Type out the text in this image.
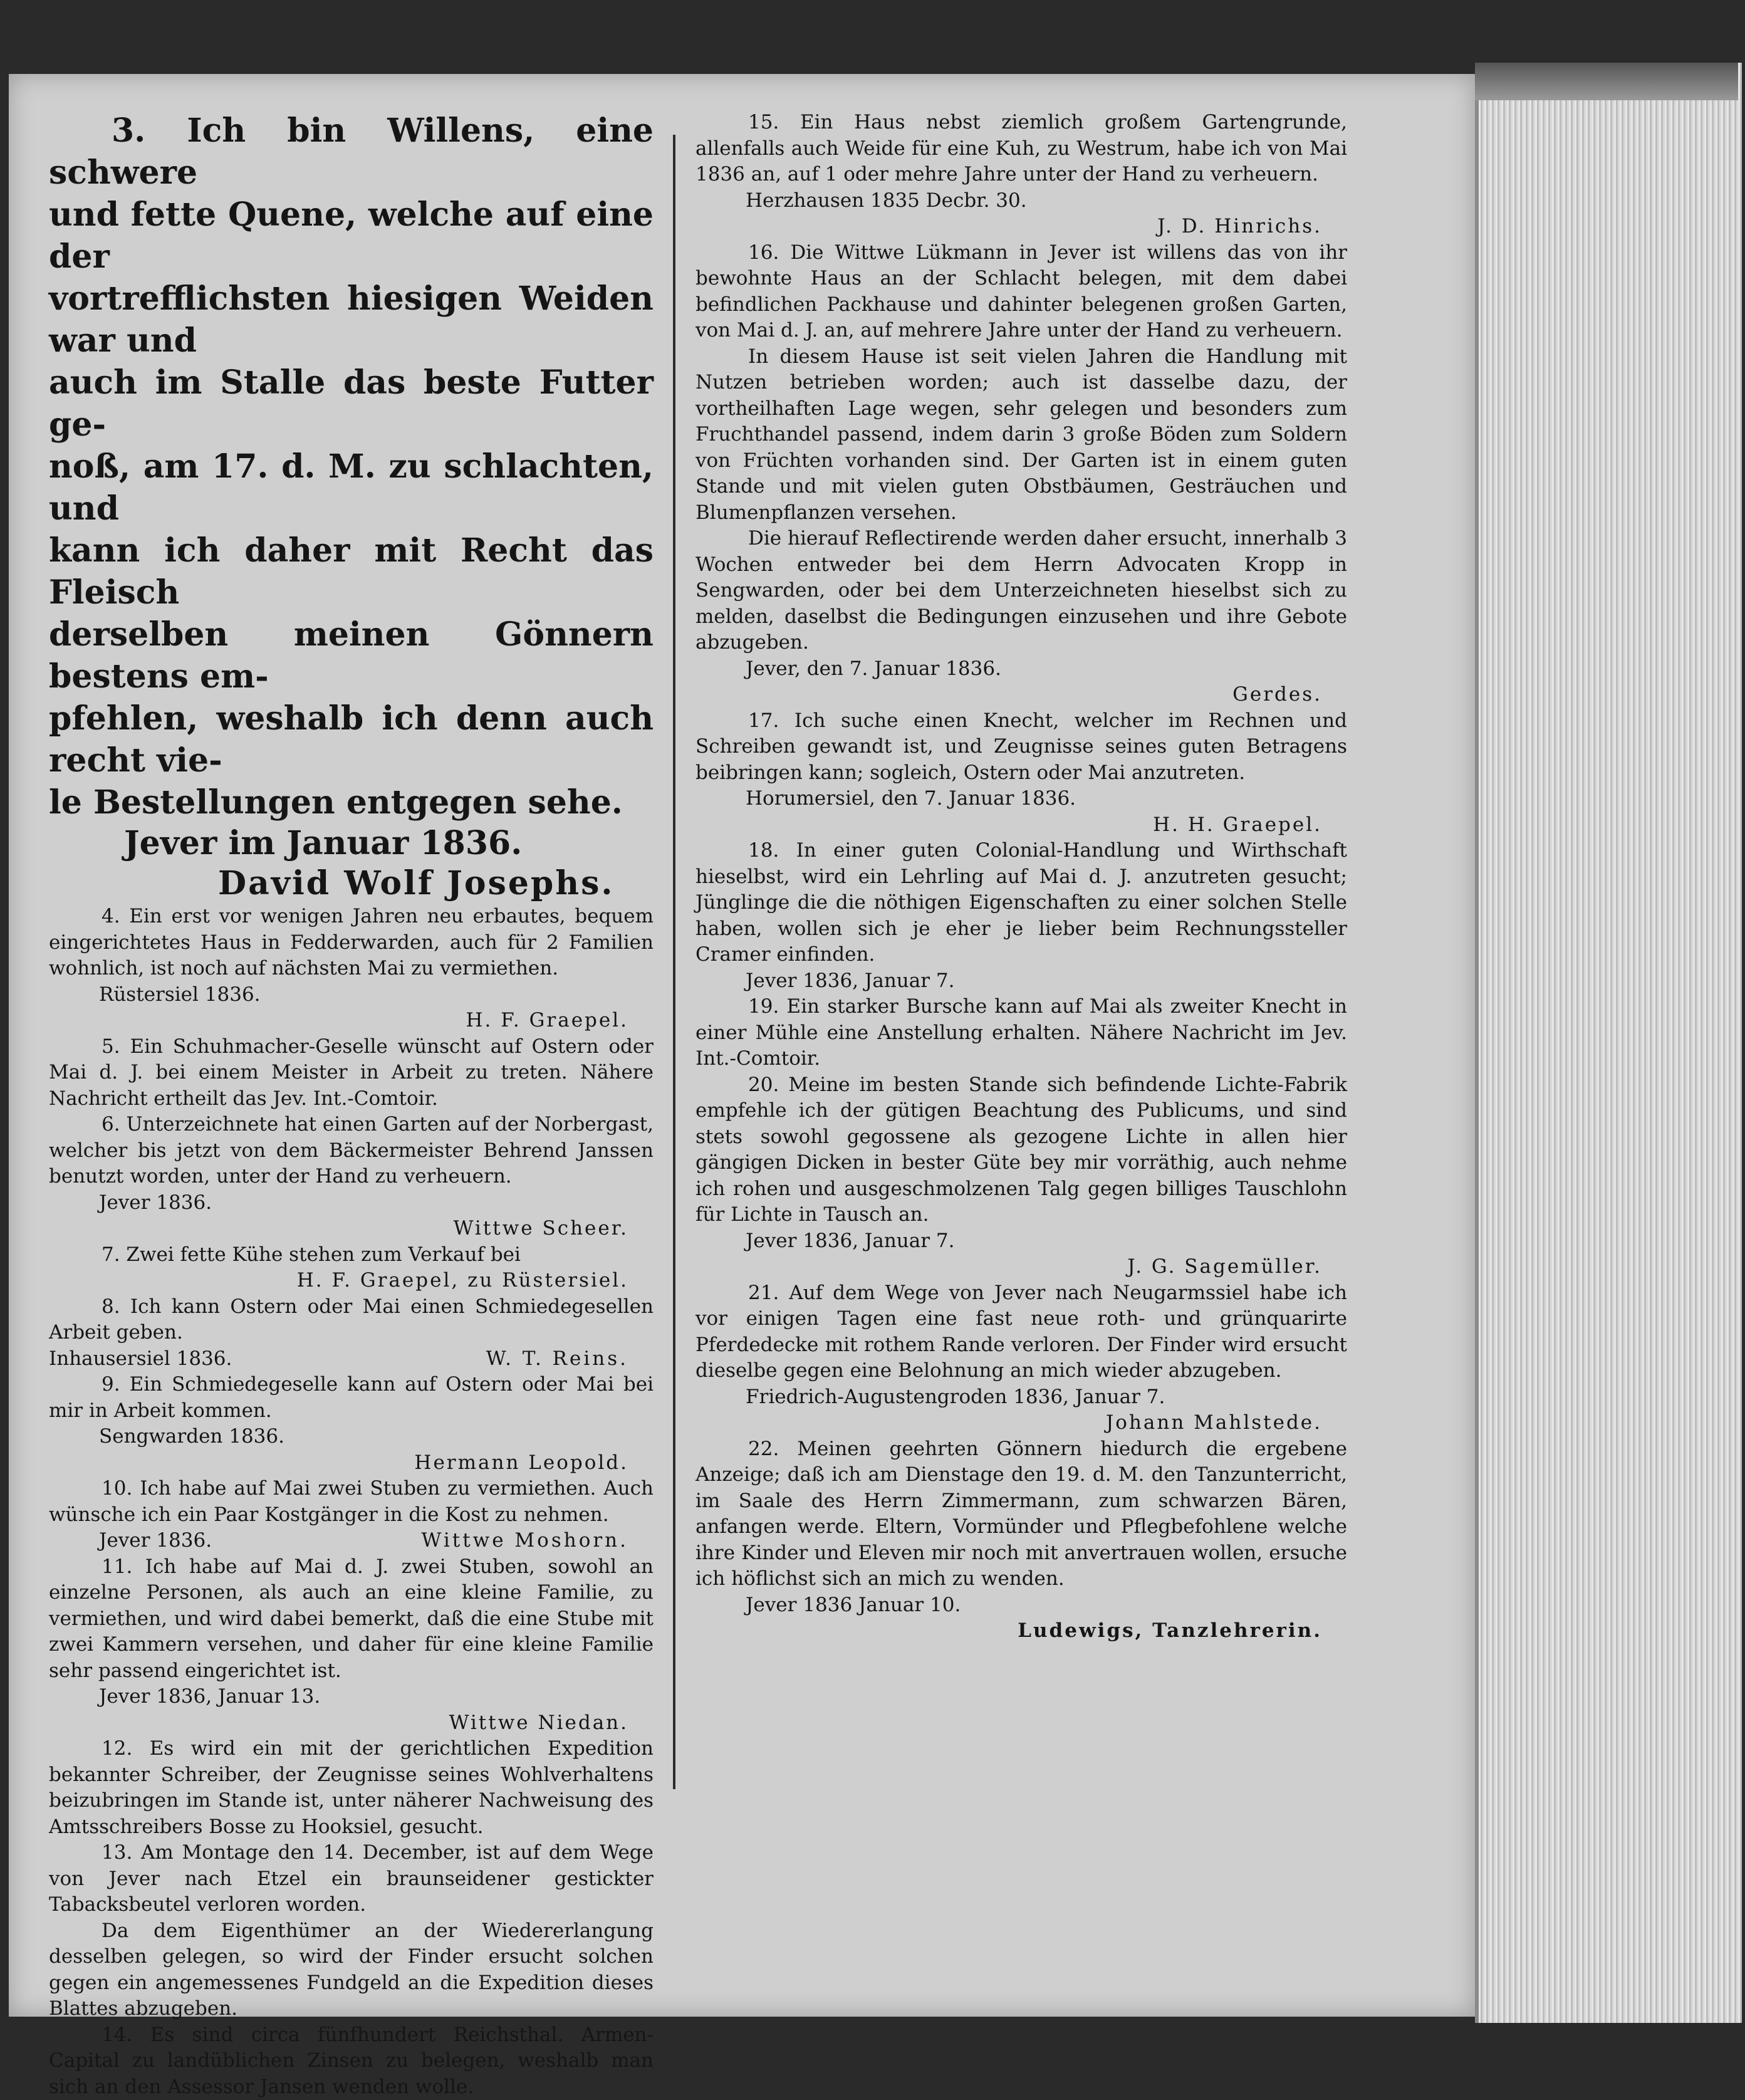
3. Ich bin Willens, eine schwere

und fette Quene, welche auf eine der

vortrefflichsten hiesigen Weiden war und

auch im Stalle das beste Futter ge-

noß, am 17. d. M. zu schlachten, und

kann ich daher mit Recht das Fleisch

derselben meinen Gönnern bestens em-

pfehlen, weshalb ich denn auch recht vie-

le Bestellungen entgegen sehe.

Jever im Januar 1836.

David Wolf Josephs.

4. Ein erst vor wenigen Jahren neu erbautes, bequem eingerichtetes Haus in Fedderwarden, auch für 2 Familien wohnlich, ist noch auf nächsten Mai zu vermiethen.

Rüstersiel 1836.

H. F. Graepel.

5. Ein Schuhmacher-Geselle wünscht auf Ostern oder Mai d. J. bei einem Meister in Arbeit zu treten. Nähere Nachricht ertheilt das Jev. Int.-Comtoir.

6. Unterzeichnete hat einen Garten auf der Norbergast, welcher bis jetzt von dem Bäckermeister Behrend Janssen benutzt worden, unter der Hand zu verheuern.

Jever 1836.

Wittwe Scheer.

7. Zwei fette Kühe stehen zum Verkauf bei

H. F. Graepel, zu Rüstersiel.

8. Ich kann Ostern oder Mai einen Schmiedegesellen Arbeit geben.

Inhausersiel 1836.	W. T. Reins.

9. Ein Schmiedegeselle kann auf Ostern oder Mai bei mir in Arbeit kommen.

Sengwarden 1836.

Hermann Leopold.

10. Ich habe auf Mai zwei Stuben zu vermiethen. Auch wünsche ich ein Paar Kostgänger in die Kost zu nehmen.

Jever 1836.	Wittwe Moshorn.

11. Ich habe auf Mai d. J. zwei Stuben, sowohl an einzelne Personen, als auch an eine kleine Familie, zu vermiethen, und wird dabei bemerkt, daß die eine Stube mit zwei Kammern versehen, und daher für eine kleine Familie sehr passend eingerichtet ist.

Jever 1836, Januar 13.

Wittwe Niedan.

12. Es wird ein mit der gerichtlichen Expedition bekannter Schreiber, der Zeugnisse seines Wohlverhaltens beizubringen im Stande ist, unter näherer Nachweisung des Amtsschreibers Bosse zu Hooksiel, gesucht.

13. Am Montage den 14. December, ist auf dem Wege von Jever nach Etzel ein braunseidener gestickter Tabacksbeutel verloren worden.

Da dem Eigenthümer an der Wiedererlangung desselben gelegen, so wird der Finder ersucht solchen gegen ein angemessenes Fundgeld an die Expedition dieses Blattes abzugeben.

14. Es sind circa fünfhundert Reichsthal. Armen-Capital zu landüblichen Zinsen zu belegen, weshalb man sich an den Assessor Jansen wenden wolle.

15. Ein Haus nebst ziemlich großem Gartengrunde, allenfalls auch Weide für eine Kuh, zu Westrum, habe ich von Mai 1836 an, auf 1 oder mehre Jahre unter der Hand zu verheuern.

Herzhausen 1835 Decbr. 30.

J. D. Hinrichs.

16. Die Wittwe Lükmann in Jever ist willens das von ihr bewohnte Haus an der Schlacht belegen, mit dem dabei befindlichen Packhause und dahinter belegenen großen Garten, von Mai d. J. an, auf mehrere Jahre unter der Hand zu verheuern.

In diesem Hause ist seit vielen Jahren die Handlung mit Nutzen betrieben worden; auch ist dasselbe dazu, der vortheilhaften Lage wegen, sehr gelegen und besonders zum Fruchthandel passend, indem darin 3 große Böden zum Soldern von Früchten vorhanden sind. Der Garten ist in einem guten Stande und mit vielen guten Obstbäumen, Gesträuchen und Blumenpflanzen versehen.

Die hierauf Reflectirende werden daher ersucht, innerhalb 3 Wochen entweder bei dem Herrn Advocaten Kropp in Sengwarden, oder bei dem Unterzeichneten hieselbst sich zu melden, daselbst die Bedingungen einzusehen und ihre Gebote abzugeben.

Jever, den 7. Januar 1836.

Gerdes.

17. Ich suche einen Knecht, welcher im Rechnen und Schreiben gewandt ist, und Zeugnisse seines guten Betragens beibringen kann; sogleich, Ostern oder Mai anzutreten.

Horumersiel, den 7. Januar 1836.

H. H. Graepel.

18. In einer guten Colonial-Handlung und Wirthschaft hieselbst, wird ein Lehrling auf Mai d. J. anzutreten gesucht; Jünglinge die die nöthigen Eigenschaften zu einer solchen Stelle haben, wollen sich je eher je lieber beim Rechnungssteller Cramer einfinden.

Jever 1836, Januar 7.

19. Ein starker Bursche kann auf Mai als zweiter Knecht in einer Mühle eine Anstellung erhalten. Nähere Nachricht im Jev. Int.-Comtoir.

20. Meine im besten Stande sich befindende Lichte-Fabrik empfehle ich der gütigen Beachtung des Publicums, und sind stets sowohl gegossene als gezogene Lichte in allen hier gängigen Dicken in bester Güte bey mir vorräthig, auch nehme ich rohen und ausgeschmolzenen Talg gegen billiges Tauschlohn für Lichte in Tausch an.

Jever 1836, Januar 7.

J. G. Sagemüller.

21. Auf dem Wege von Jever nach Neugarmssiel habe ich vor einigen Tagen eine fast neue roth- und grünquarirte Pferdedecke mit rothem Rande verloren. Der Finder wird ersucht dieselbe gegen eine Belohnung an mich wieder abzugeben.

Friedrich-Augustengroden 1836, Januar 7.

Johann Mahlstede.

22. Meinen geehrten Gönnern hiedurch die ergebene Anzeige; daß ich am Dienstage den 19. d. M. den Tanzunterricht, im Saale des Herrn Zimmermann, zum schwarzen Bären, anfangen werde. Eltern, Vormünder und Pflegbefohlene welche ihre Kinder und Eleven mir noch mit anvertrauen wollen, ersuche ich höflichst sich an mich zu wenden.

Jever 1836 Januar 10.

Ludewigs, Tanzlehrerin.
